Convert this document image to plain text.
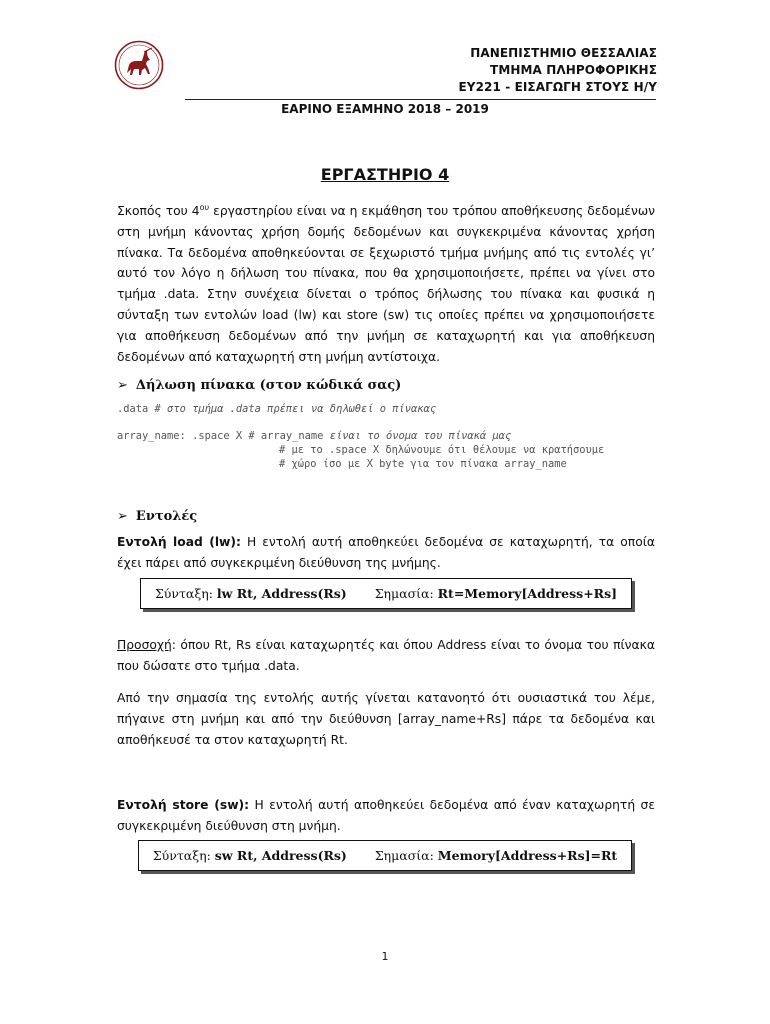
ΠΑΝΕΠΙΣΤΗΜΙΟ ΘΕΣΣΑΛΙΑΣ
ΤΜΗΜΑ ΠΛΗΡΟΦΟΡΙΚΗΣ
ΕΥ221 - ΕΙΣΑΓΩΓΗ ΣΤΟΥΣ Η/Υ
ΕΑΡΙΝΟ ΕΞΑΜΗΝΟ 2018 – 2019
ΕΡΓΑΣΤΗΡΙΟ 4
Σκοπός του $4^{o\upsilon}$ εργαστηρίου είναι να η εκμάθηση του τρόπου αποθήκευσης δεδομένων στη μνήμη κάνοντας χρήση δομής δεδομένων και συγκεκριμένα κάνοντας χρήση πίνακα. Τα δεδομένα αποθηκεύονται σε ξεχωριστό τμήμα μνήμης από τις εντολές γι’ αυτό τον λόγο η δήλωση του πίνακα, που θα χρησιμοποιήσετε, πρέπει να γίνει στο τμήμα .data. Στην συνέχεια δίνεται ο τρόπος δήλωσης του πίνακα και φυσικά η σύνταξη των εντολών load (lw) και store (sw) τις οποίες πρέπει να χρησιμοποιήσετε για αποθήκευση δεδομένων από την μνήμη σε καταχωρητή και για αποθήκευση δεδομένων από καταχωρητή στη μνήμη αντίστοιχα.
➢ Δήλωση πίνακα (στον κώδικά σας)
.data # στο τμήμα .data πρέπει να δηλωθεί ο πίνακας
array_name: .space X # array_name είναι το όνομα του πίνακά μας
# με το .space X δηλώνουμε ότι θέλουμε να κρατήσουμε
# χώρο ίσο με X byte για τον πίνακα array_name
➢ Εντολές
Εντολή load (lw): Η εντολή αυτή αποθηκεύει δεδομένα σε καταχωρητή, τα οποία έχει πάρει από συγκεκριμένη διεύθυνση της μνήμης.
Σύνταξη: lw Rt, Address(Rs) Σημασία: Rt=Memory[Address+Rs]
Προσοχή: όπου Rt, Rs είναι καταχωρητές και όπου Address είναι το όνομα του πίνακα που δώσατε στο τμήμα .data.
Από την σημασία της εντολής αυτής γίνεται κατανοητό ότι ουσιαστικά του λέμε, πήγαινε στη μνήμη και από την διεύθυνση [array_name+Rs] πάρε τα δεδομένα και αποθήκευσέ τα στον καταχωρητή Rt.
Εντολή store (sw): Η εντολή αυτή αποθηκεύει δεδομένα από έναν καταχωρητή σε συγκεκριμένη διεύθυνση στη μνήμη.
Σύνταξη: sw Rt, Address(Rs) Σημασία: Memory[Address+Rs]=Rt
1
